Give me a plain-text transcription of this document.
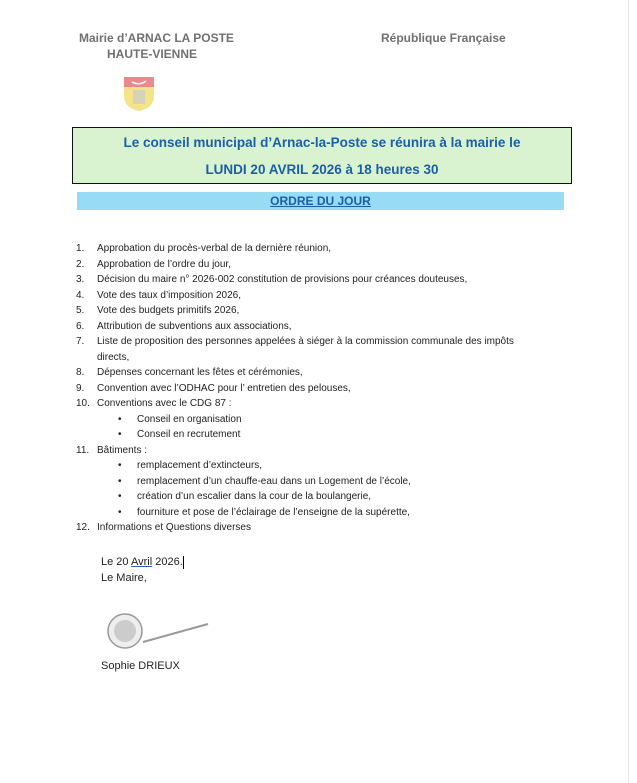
Mairie d’ARNAC LA POSTE
HAUTE-VIENNE
République Française
Le conseil municipal d’Arnac-la-Poste se réunira à la mairie le
LUNDI 20 AVRIL 2026 à 18 heures 30
ORDRE DU JOUR
1.	Approbation du procès-verbal de la dernière réunion,
2.	Approbation de l’ordre du jour,
3.	Décision du maire n° 2026-002 constitution de provisions pour créances douteuses,
4.	Vote des taux d’imposition 2026,
5.	Vote des budgets primitifs 2026,
6.	Attribution de subventions aux associations,
7.	Liste de proposition des personnes appelées à siéger à la commission communale des impôts
directs,
8.	Dépenses concernant les fêtes et cérémonies,
9.	Convention avec l’ODHAC pour l’ entretien des pelouses,
10. Conventions avec le CDG 87 :
•	Conseil en organisation
•	Conseil en recrutement
11. Bâtiments :
•	remplacement d’extincteurs,
•	remplacement d’un chauffe-eau dans un Logement de l’école,
•	création d’un escalier dans la cour de la boulangerie,
•	fourniture et pose de l’éclairage de l’enseigne de la supérette,
12. Informations et Questions diverses
Le 20 Avril 2026.
Le Maire,
Sophie DRIEUX
